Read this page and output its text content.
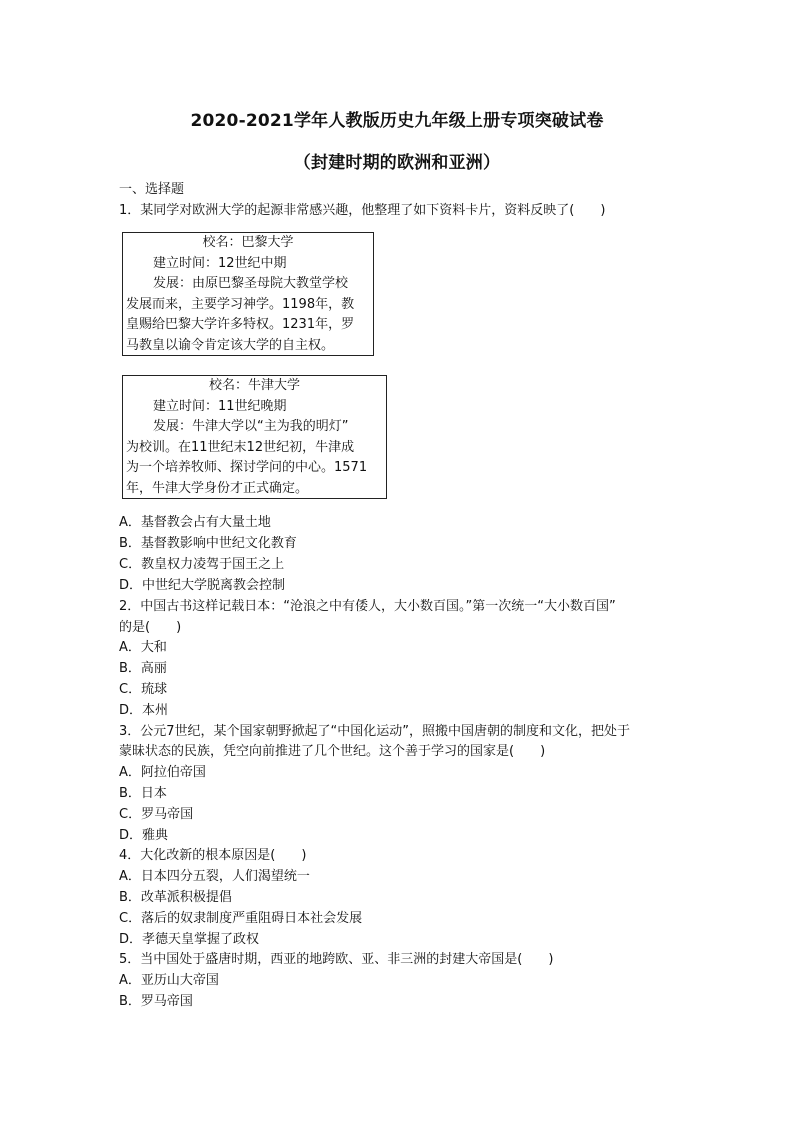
2020-2021学年人教版历史九年级上册专项突破试卷
（封建时期的欧洲和亚洲）
一、选择题
1．某同学对欧洲大学的起源非常感兴趣，他整理了如下资料卡片，资料反映了(　　)
校名：巴黎大学
建立时间：12世纪中期
发展：由原巴黎圣母院大教堂学校
发展而来，主要学习神学。1198年，教
皇赐给巴黎大学许多特权。1231年，罗
马教皇以谕令肯定该大学的自主权。
校名：牛津大学
建立时间：11世纪晚期
发展：牛津大学以“主为我的明灯”
为校训。在11世纪末12世纪初，牛津成
为一个培养牧师、探讨学问的中心。1571
年，牛津大学身份才正式确定。
A．基督教会占有大量土地
B．基督教影响中世纪文化教育
C．教皇权力凌驾于国王之上
D．中世纪大学脱离教会控制
2．中国古书这样记载日本：“沧浪之中有倭人，大小数百国。”第一次统一“大小数百国”
的是(　　)
A．大和
B．高丽
C．琉球
D．本州
3．公元7世纪，某个国家朝野掀起了“中国化运动”，照搬中国唐朝的制度和文化，把处于
蒙昧状态的民族，凭空向前推进了几个世纪。这个善于学习的国家是(　　)
A．阿拉伯帝国
B．日本
C．罗马帝国
D．雅典
4．大化改新的根本原因是(　　)
A．日本四分五裂，人们渴望统一
B．改革派积极提倡
C．落后的奴隶制度严重阻碍日本社会发展
D．孝德天皇掌握了政权
5．当中国处于盛唐时期，西亚的地跨欧、亚、非三洲的封建大帝国是(　　)
A．亚历山大帝国
B．罗马帝国
